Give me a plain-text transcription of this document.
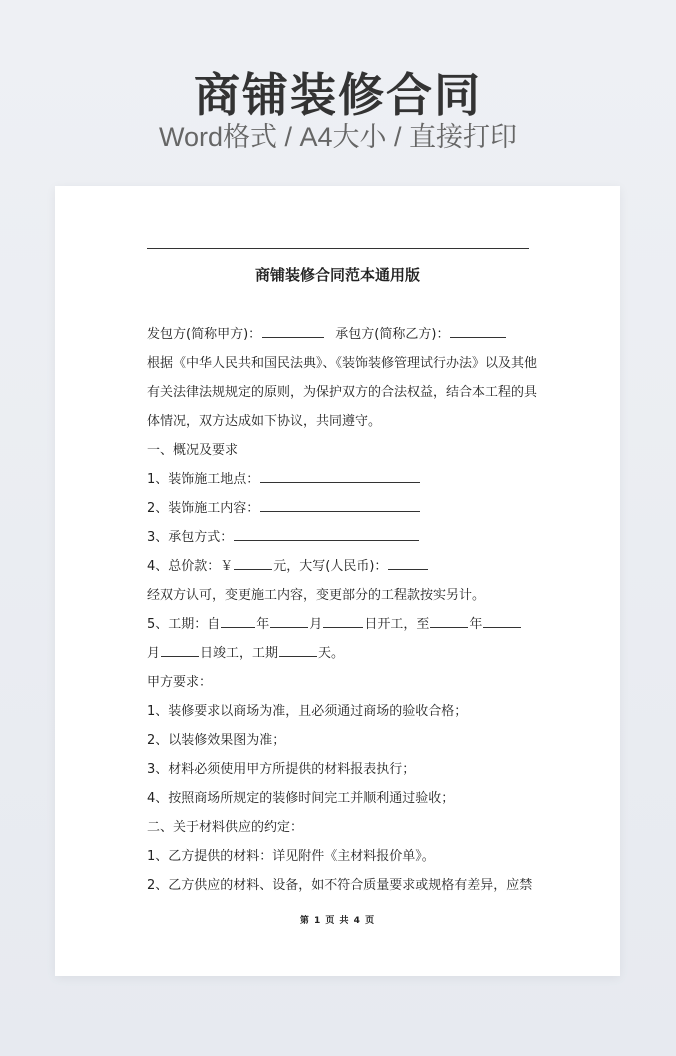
商铺装修合同
Word格式 / A4大小 / 直接打印
商铺装修合同范本通用版
发包方(简称甲方)：	承包方(简称乙方)：
根据《中华人民共和国民法典》、《装饰装修管理试行办法》以及其他
有关法律法规规定的原则，为保护双方的合法权益，结合本工程的具
体情况，双方达成如下协议，共同遵守。
一、概况及要求
1、装饰施工地点：
2、装饰施工内容：
3、承包方式：
4、总价款：￥	元，大写(人民币)：
经双方认可，变更施工内容，变更部分的工程款按实另计。
5、工期：自	年	月	日开工，至	年
月	日竣工，工期	天。
甲方要求：
1、装修要求以商场为准，且必须通过商场的验收合格；
2、以装修效果图为准；
3、材料必须使用甲方所提供的材料报表执行；
4、按照商场所规定的装修时间完工并顺利通过验收；
二、关于材料供应的约定：
1、乙方提供的材料：详见附件《主材料报价单》。
2、乙方供应的材料、设备，如不符合质量要求或规格有差异，应禁
第 1 页 共 4 页
